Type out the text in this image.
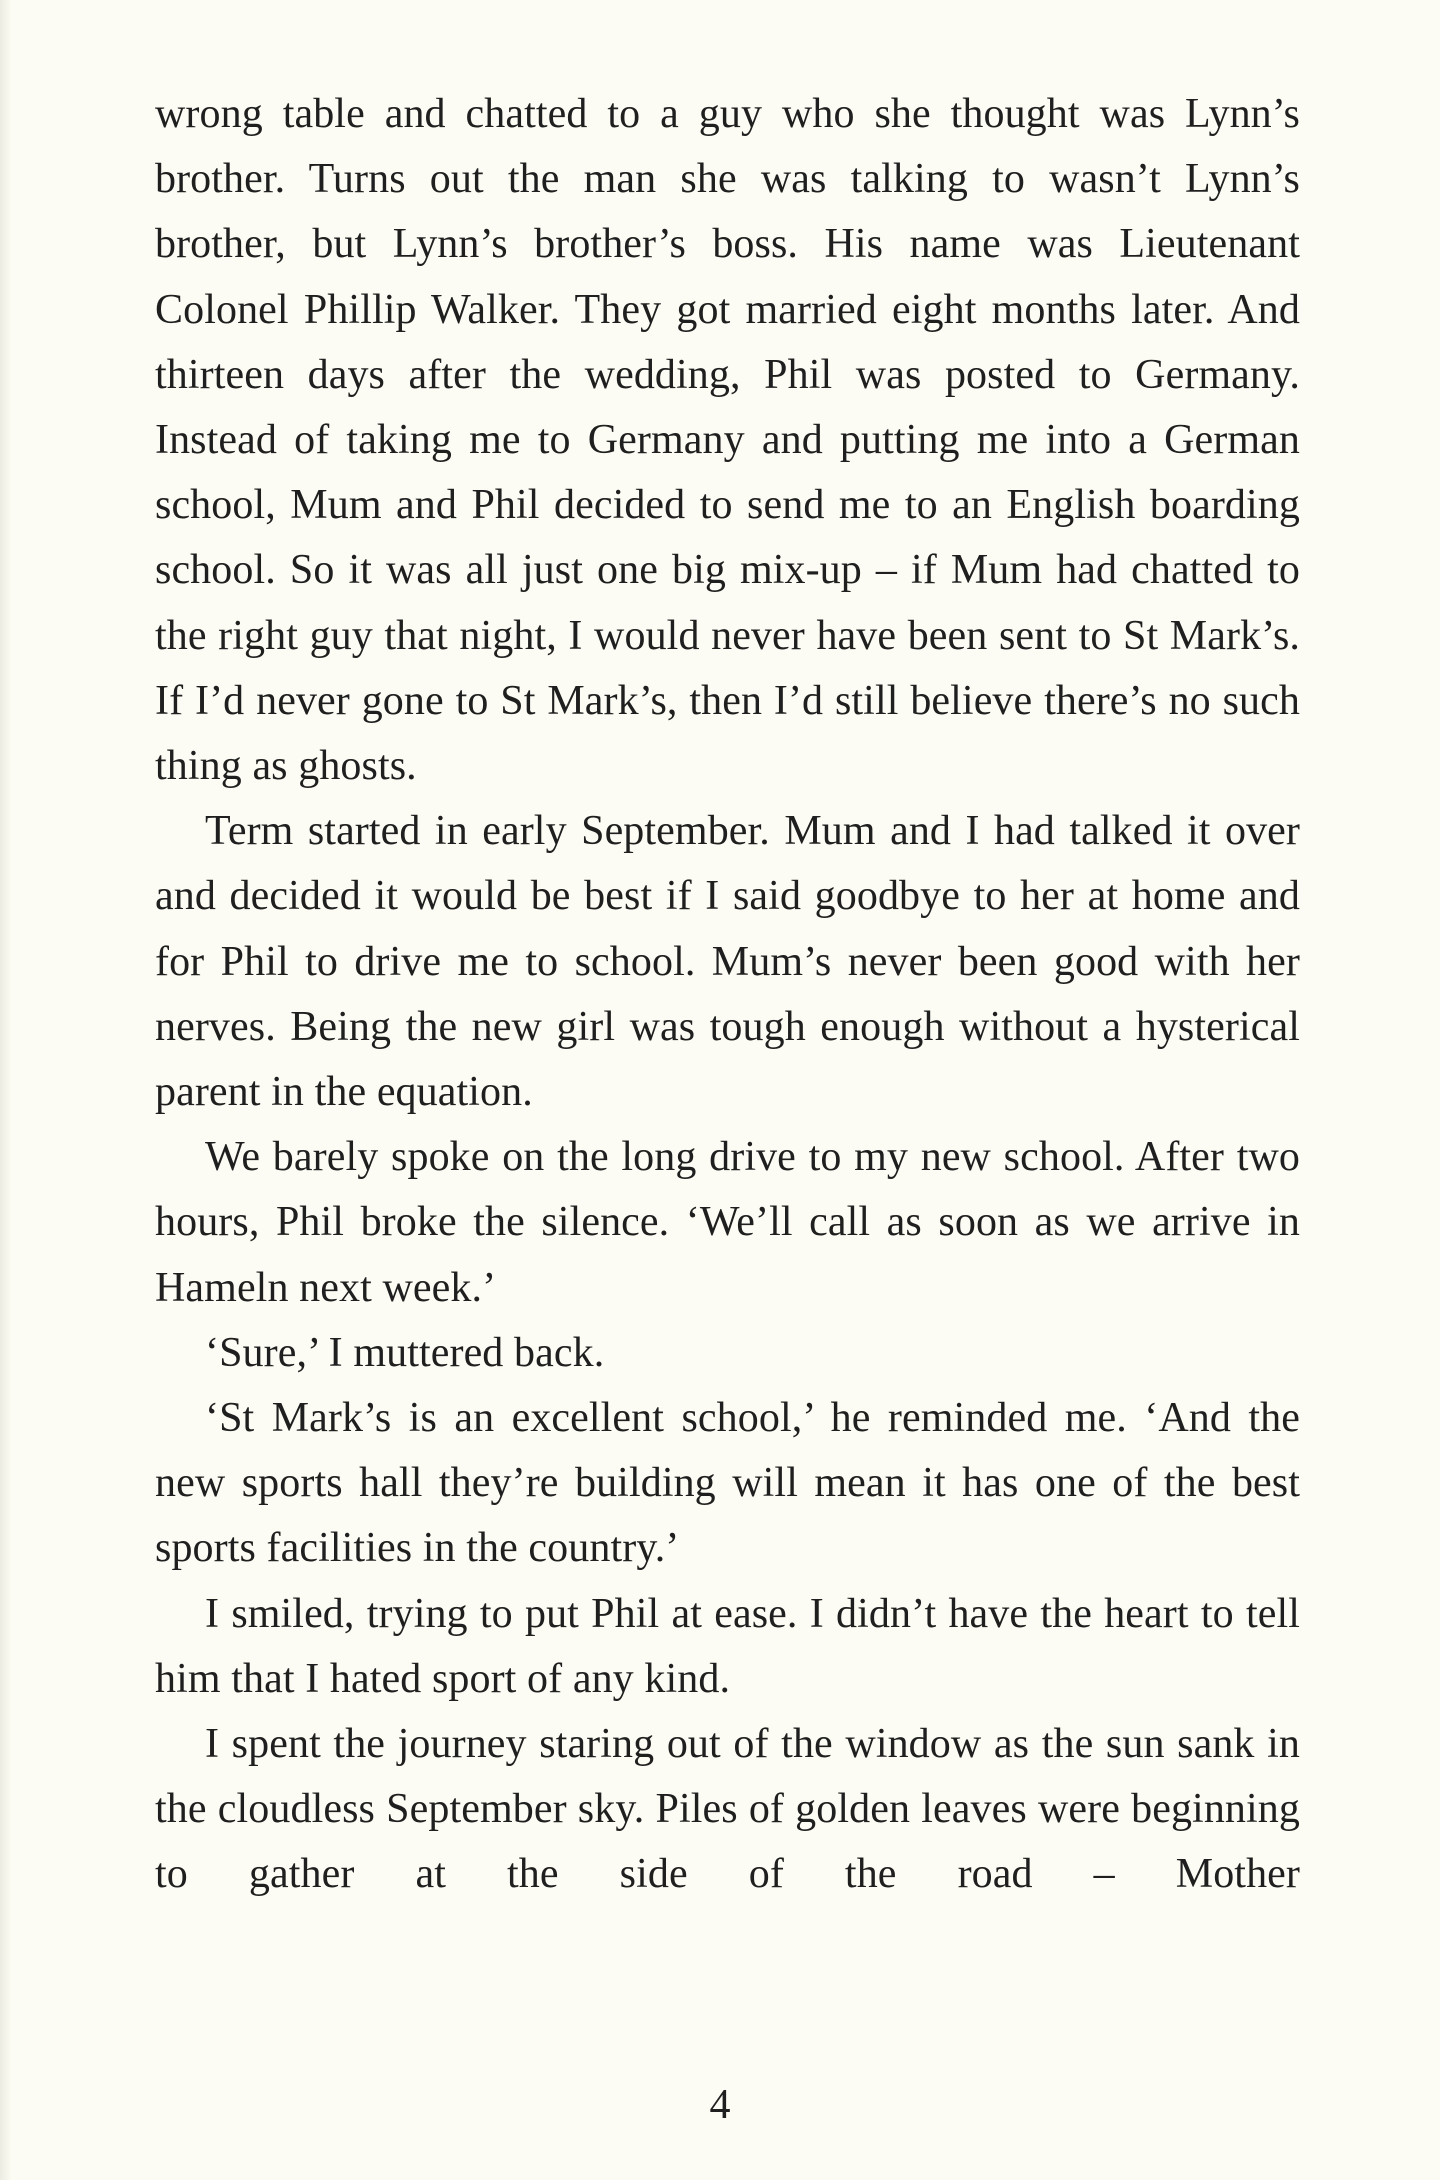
wrong table and chatted to a guy who she thought was Lynn’s brother. Turns out the man she was talking to wasn’t Lynn’s brother, but Lynn’s brother’s boss. His name was Lieutenant Colonel Phillip Walker. They got married eight months later. And thirteen days after the wedding, Phil was posted to Germany. Instead of taking me to Germany and putting me into a German school, Mum and Phil decided to send me to an English boarding school. So it was all just one big mix-up – if Mum had chatted to the right guy that night, I would never have been sent to St Mark’s. If I’d never gone to St Mark’s, then I’d still believe there’s no such thing as ghosts.

Term started in early September. Mum and I had talked it over and decided it would be best if I said goodbye to her at home and for Phil to drive me to school. Mum’s never been good with her nerves. Being the new girl was tough enough without a hysterical parent in the equation.

We barely spoke on the long drive to my new school. After two hours, Phil broke the silence. ‘We’ll call as soon as we arrive in Hameln next week.’

‘Sure,’ I muttered back.

‘St Mark’s is an excellent school,’ he reminded me. ‘And the new sports hall they’re building will mean it has one of the best sports facilities in the country.’

I smiled, trying to put Phil at ease. I didn’t have the heart to tell him that I hated sport of any kind.

I spent the journey staring out of the window as the sun sank in the cloudless September sky. Piles of golden leaves were beginning to gather at the side of the road – Mother

4
